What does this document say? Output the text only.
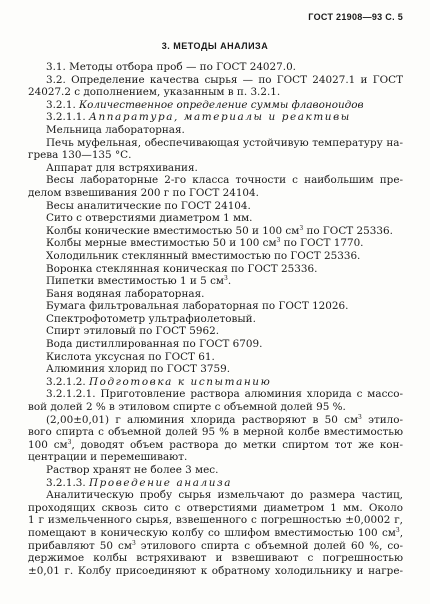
ГОСТ 21908—93 С. 5
3. МЕТОДЫ АНАЛИЗА
3.1. Методы отбора проб — по ГОСТ 24027.0.
3.2. Определение качества сырья — по ГОСТ 24027.1 и ГОСТ
24027.2 с дополнением, указанным в п. 3.2.1.
3.2.1. Количественное определение суммы флавоноидов
3.2.1.1. Аппаратура, материалы и реактивы
Мельница лабораторная.
Печь муфельная, обеспечивающая устойчивую температуру на-
грева 130—135 °С.
Аппарат для встряхивания.
Весы лабораторные 2-го класса точности с наибольшим пре-
делом взвешивания 200 г по ГОСТ 24104.
Весы аналитические по ГОСТ 24104.
Сито с отверстиями диаметром 1 мм.
Колбы конические вместимостью 50 и 100 $см^3$ по ГОСТ 25336.
Колбы мерные вместимостью 50 и 100 $см^3$ по ГОСТ 1770.
Холодильник стеклянный вместимостью по ГОСТ 25336.
Воронка стеклянная коническая по ГОСТ 25336.
Пипетки вместимостью 1 и 5 $см^3$.
Баня водяная лабораторная.
Бумага фильтровальная лабораторная по ГОСТ 12026.
Спектрофотометр ультрафиолетовый.
Спирт этиловый по ГОСТ 5962.
Вода дистиллированная по ГОСТ 6709.
Кислота уксусная по ГОСТ 61.
Алюминия хлорид по ГОСТ 3759.
3.2.1.2. Подготовка к испытанию
3.2.1.2.1. Приготовление раствора алюминия хлорида с массо-
вой долей 2 % в этиловом спирте с объемной долей 95 %.
(2,00±0,01) г алюминия хлорида растворяют в 50 $см^3$ этило-
вого спирта с объемной долей 95 % в мерной колбе вместимостью
100 $см^3$, доводят объем раствора до метки спиртом тот же кон-
центрации и перемешивают.
Раствор хранят не более 3 мес.
3.2.1.3. Проведение анализа
Аналитическую пробу сырья измельчают до размера частиц,
проходящих сквозь сито с отверстиями диаметром 1 мм. Около
1 г измельченного сырья, взвешенного с погрешностью ±0,0002 г,
помещают в коническую колбу со шлифом вместимостью 100 $см^3$,
прибавляют 50 $см^3$ этилового спирта с объемной долей 60 %, со-
держимое колбы встряхивают и взвешивают с погрешностью
±0,01 г. Колбу присоединяют к обратному холодильнику и нагре-
